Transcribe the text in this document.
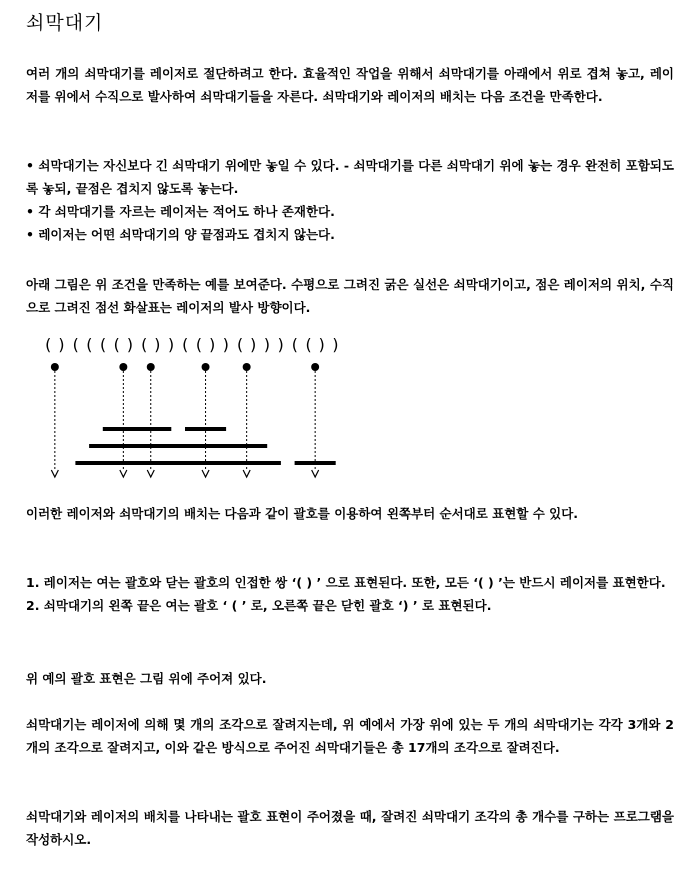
쇠막대기

여러 개의 쇠막대기를 레이저로 절단하려고 한다. 효율적인 작업을 위해서 쇠막대기를 아래에서 위로 겹쳐 놓고, 레이저를 위에서 수직으로 발사하여 쇠막대기들을 자른다. 쇠막대기와 레이저의 배치는 다음 조건을 만족한다.

• 쇠막대기는 자신보다 긴 쇠막대기 위에만 놓일 수 있다. - 쇠막대기를 다른 쇠막대기 위에 놓는 경우 완전히 포함되도록 놓되, 끝점은 겹치지 않도록 놓는다.
• 각 쇠막대기를 자르는 레이저는 적어도 하나 존재한다.
• 레이저는 어떤 쇠막대기의 양 끝점과도 겹치지 않는다.

아래 그림은 위 조건을 만족하는 예를 보여준다. 수평으로 그려진 굵은 실선은 쇠막대기이고, 점은 레이저의 위치, 수직으로 그려진 점선 화살표는 레이저의 발사 방향이다.

( ) ( ( ( ( ) ( ) ) ( ( ) ) ( ) ) ) ( ( ) )

이러한 레이저와 쇠막대기의 배치는 다음과 같이 괄호를 이용하여 왼쪽부터 순서대로 표현할 수 있다.

1. 레이저는 여는 괄호와 닫는 괄호의 인접한 쌍 ‘( ) ’ 으로 표현된다. 또한, 모든 ‘( ) ’는 반드시 레이저를 표현한다.
2. 쇠막대기의 왼쪽 끝은 여는 괄호 ‘ ( ’ 로, 오른쪽 끝은 닫힌 괄호 ‘) ’ 로 표현된다.

위 예의 괄호 표현은 그림 위에 주어져 있다.

쇠막대기는 레이저에 의해 몇 개의 조각으로 잘려지는데, 위 예에서 가장 위에 있는 두 개의 쇠막대기는 각각 3개와 2개의 조각으로 잘려지고, 이와 같은 방식으로 주어진 쇠막대기들은 총 17개의 조각으로 잘려진다.

쇠막대기와 레이저의 배치를 나타내는 괄호 표현이 주어졌을 때, 잘려진 쇠막대기 조각의 총 개수를 구하는 프로그램을 작성하시오.
